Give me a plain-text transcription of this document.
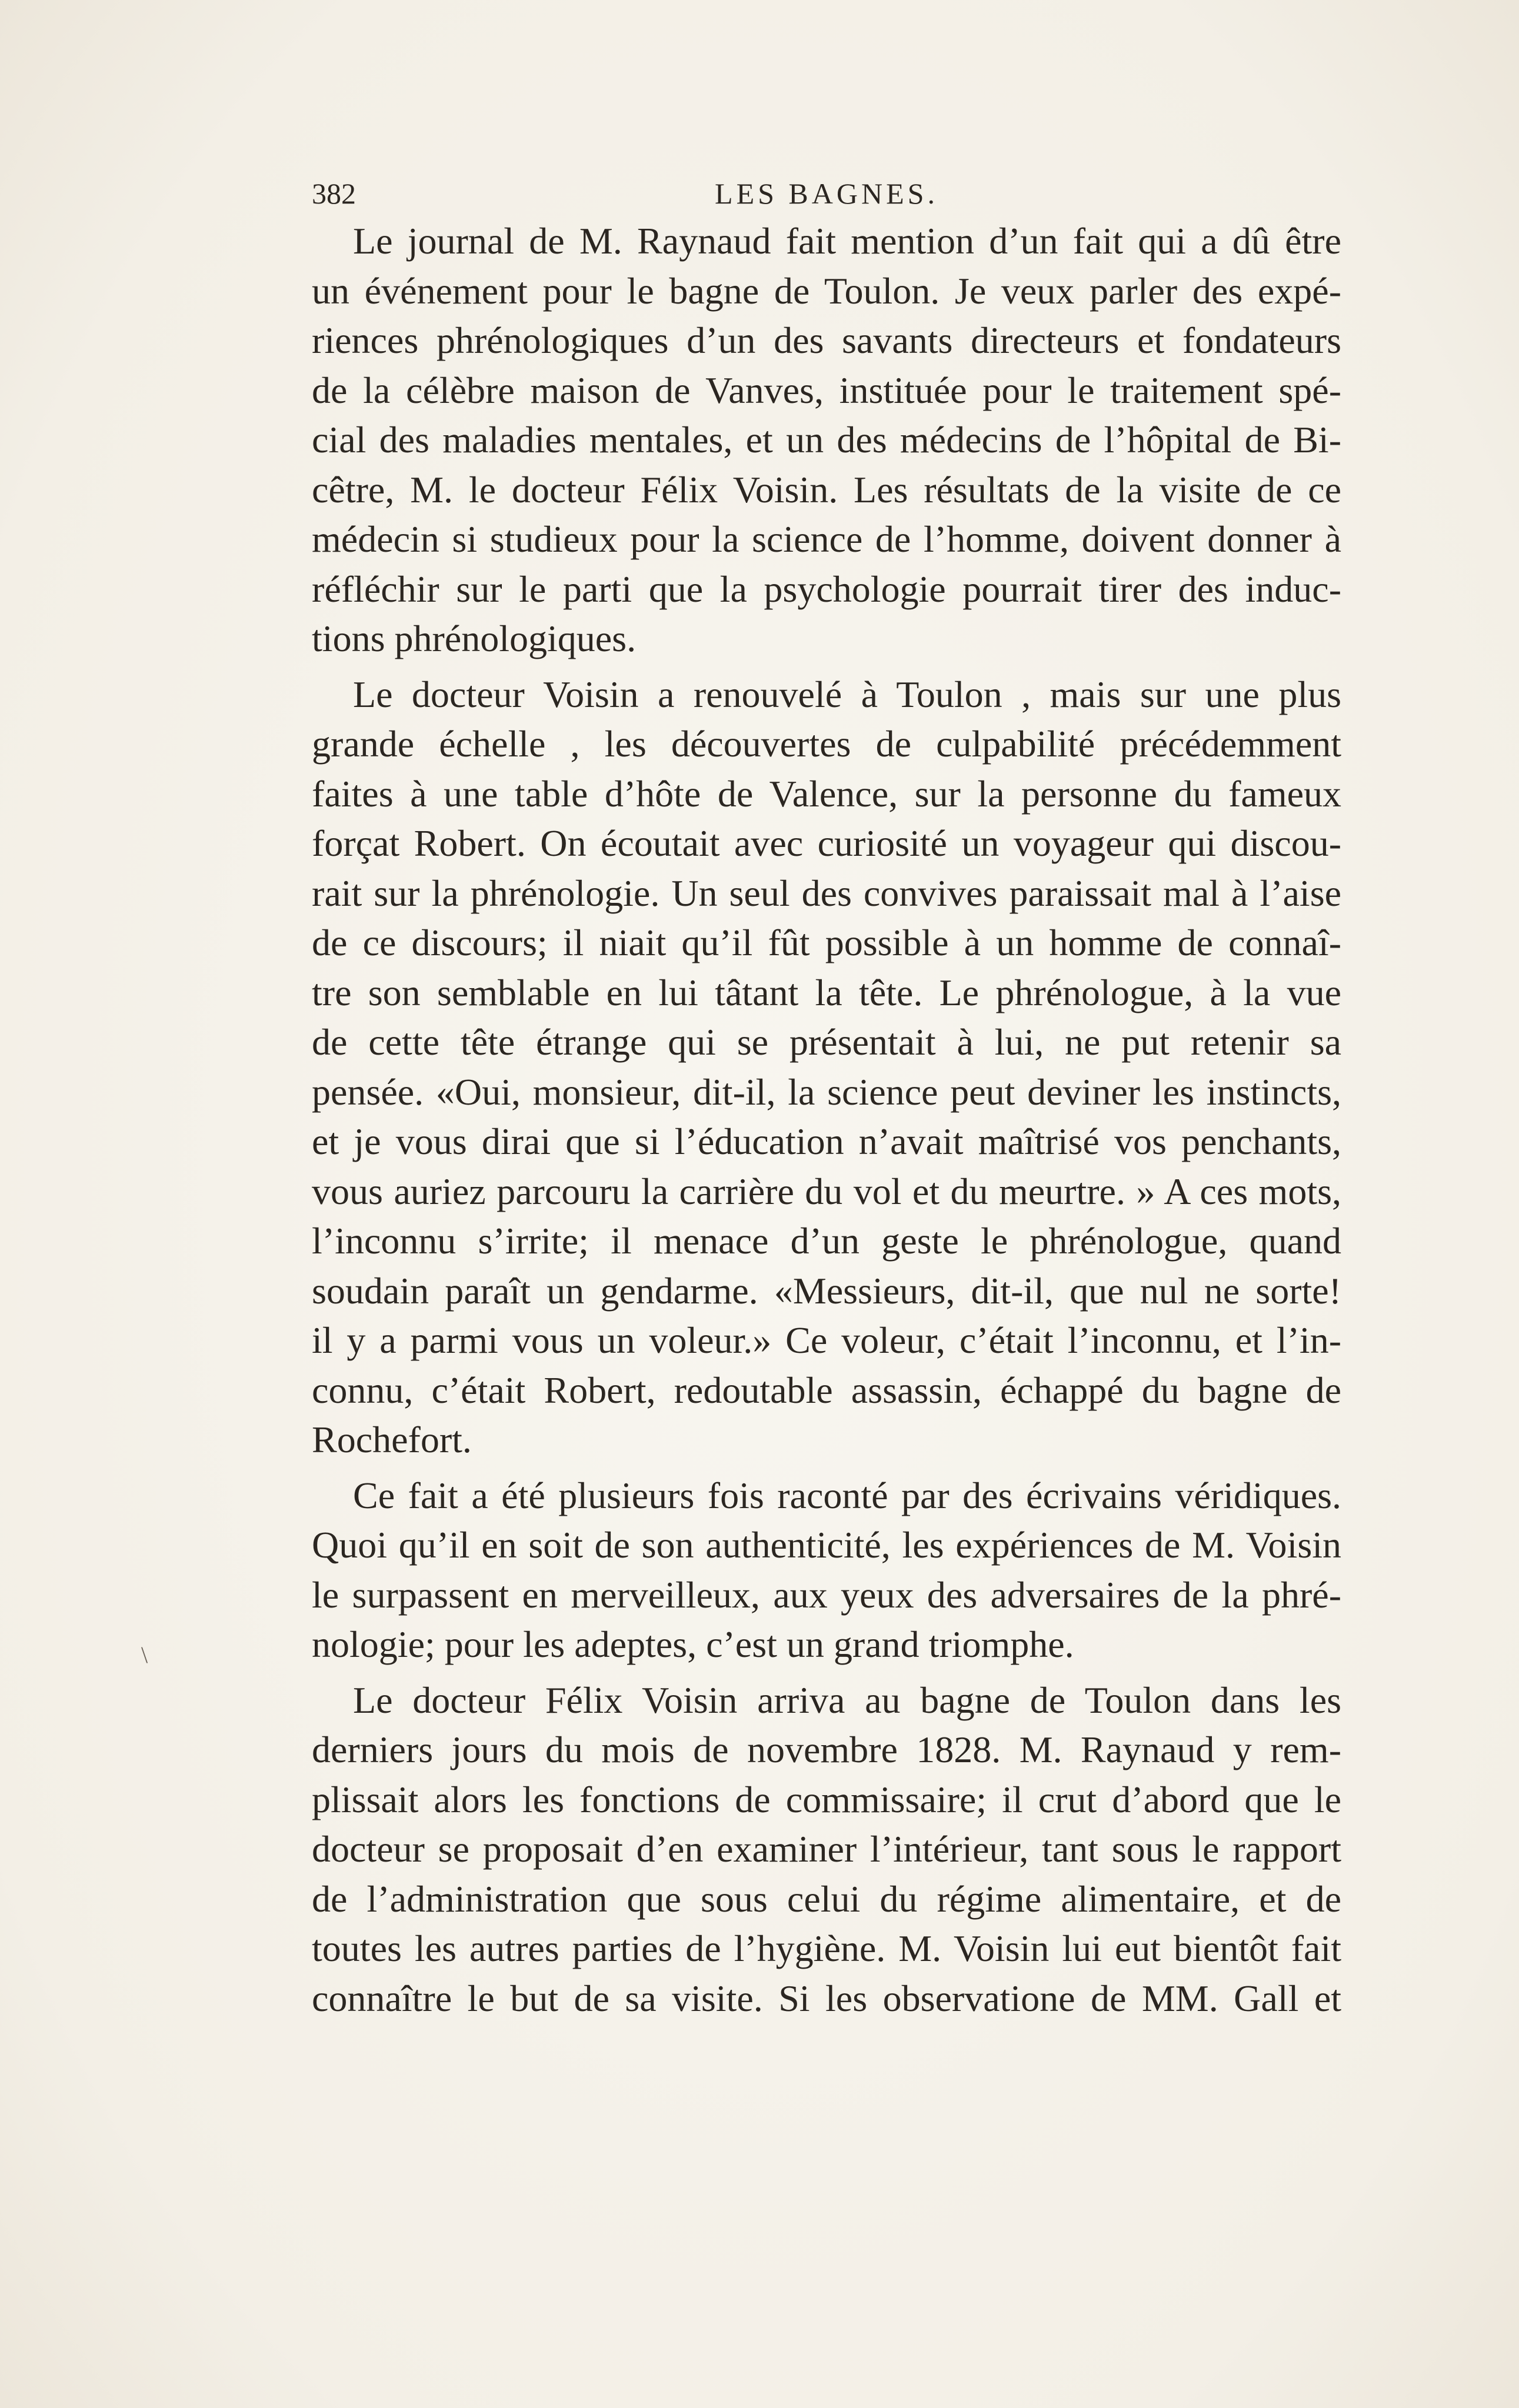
382	LES BAGNES.
Le journal de M. Raynaud fait mention d’un fait qui a dû être
un événement pour le bagne de Toulon. Je veux parler des expé-
riences phrénologiques d’un des savants directeurs et fondateurs
de la célèbre maison de Vanves, instituée pour le traitement spé-
cial des maladies mentales, et un des médecins de l’hôpital de Bi-
cêtre, M. le docteur Félix Voisin. Les résultats de la visite de ce
médecin si studieux pour la science de l’homme, doivent donner à
réfléchir sur le parti que la psychologie pourrait tirer des induc-
tions phrénologiques.
Le docteur Voisin a renouvelé à Toulon , mais sur une plus
grande échelle , les découvertes de culpabilité précédemment
faites à une table d’hôte de Valence, sur la personne du fameux
forçat Robert. On écoutait avec curiosité un voyageur qui discou-
rait sur la phrénologie. Un seul des convives paraissait mal à l’aise
de ce discours; il niait qu’il fût possible à un homme de connaî-
tre son semblable en lui tâtant la tête. Le phrénologue, à la vue
de cette tête étrange qui se présentait à lui, ne put retenir sa
pensée. «Oui, monsieur, dit-il, la science peut deviner les instincts,
et je vous dirai que si l’éducation n’avait maîtrisé vos penchants,
vous auriez parcouru la carrière du vol et du meurtre. » A ces mots,
l’inconnu s’irrite; il menace d’un geste le phrénologue, quand
soudain paraît un gendarme. «Messieurs, dit-il, que nul ne sorte!
il y a parmi vous un voleur.» Ce voleur, c’était l’inconnu, et l’in-
connu, c’était Robert, redoutable assassin, échappé du bagne de
Rochefort.
Ce fait a été plusieurs fois raconté par des écrivains véridiques.
Quoi qu’il en soit de son authenticité, les expériences de M. Voisin
le surpassent en merveilleux, aux yeux des adversaires de la phré-
nologie; pour les adeptes, c’est un grand triomphe.
Le docteur Félix Voisin arriva au bagne de Toulon dans les
derniers jours du mois de novembre 1828. M. Raynaud y rem-
plissait alors les fonctions de commissaire; il crut d’abord que le
docteur se proposait d’en examiner l’intérieur, tant sous le rapport
de l’administration que sous celui du régime alimentaire, et de
toutes les autres parties de l’hygiène. M. Voisin lui eut bientôt fait
connaître le but de sa visite. Si les observatione de MM. Gall et
\
